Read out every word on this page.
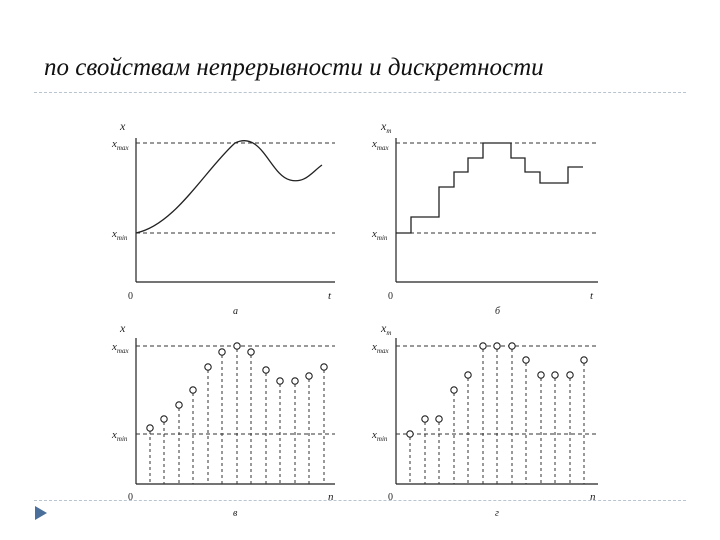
по свойствам непрерывности и дискретности
x
$x_{max}$
$x_{min}$
0	t
а
$x_т$
$x_{max}$
$x_{min}$
0	t
б
x
$x_{max}$
$x_{min}$
0	n
в
$x_т$
$x_{max}$
$x_{min}$
0	n
г
